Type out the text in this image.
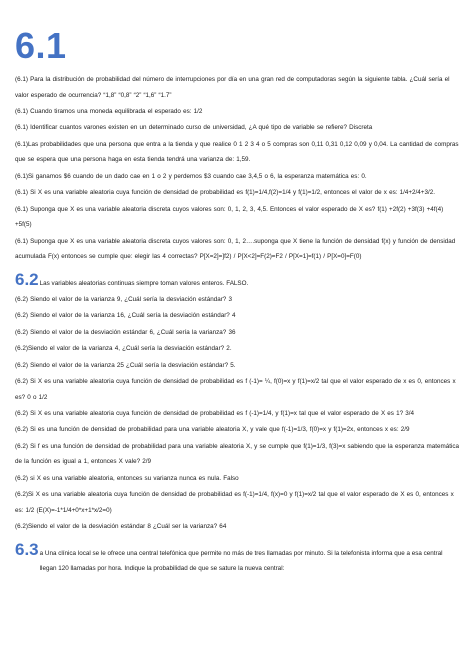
6.1

(6.1) Para la distribución de probabilidad del número de interrupciones por día en una gran red de computadoras según la siguiente tabla. ¿Cuál sería el valor esperado de ocurrencia? “1,8” “0,8” “2” “1,6” “1.7”

(6.1) Cuando tiramos una moneda equilibrada el esperado es: 1/2

(6.1) Identificar cuantos varones existen en un determinado curso de universidad, ¿A qué tipo de variable se refiere? Discreta

(6.1)Las probabilidades que una persona que entra a la tienda y que realice 0 1 2 3 4 o 5 compras son 0,11 0,31 0,12 0,09 y 0,04. La cantidad de compras que se espera que una persona haga en esta tienda tendrá una varianza de: 1,59.

(6.1)Si ganamos $6 cuando de un dado cae en 1 o 2 y perdemos $3 cuando cae 3,4,5 o 6, la esperanza matemática es: 0.

(6.1) Si X es una variable aleatoria cuya función de densidad de probabilidad es f(1)=1/4,f(2)=1/4 y f(1)=1/2, entonces el valor de x es: 1/4+2/4+3/2.

(6.1) Suponga que X es una variable aleatoria discreta cuyos valores son: 0, 1, 2, 3, 4,5. Entonces el valor esperado de X es? f(1) +2f(2) +3f(3) +4f(4) +5f(5)

(6.1) Suponga que X es una variable aleatoria discreta cuyos valores son: 0, 1, 2….suponga que X tiene la función de densidad f(x) y función de densidad acumulada F(x) entonces se cumple que: elegir las 4 correctas? P[X=2]=]f2) / P[X<2]=F(2)=F2 / P[X=1]=f(1) / P[X=0]=F(0)

6.2 Las variables aleatorias continuas siempre toman valores enteros. FALSO.

(6.2) Siendo el valor de la varianza 9, ¿Cuál sería la desviación estándar? 3

(6.2) Siendo el valor de la varianza 16, ¿Cuál sería la desviación estándar? 4

(6.2) Siendo el valor de la desviación estándar 6, ¿Cuál sería la varianza? 36

(6.2)Siendo el valor de la varianza 4, ¿Cuál sería la desviación estándar? 2.

(6.2) Siendo el valor de la varianza 25 ¿Cuál sería la desviación estándar? 5.

(6.2) Si X es una variable aleatoria cuya función de densidad de probabilidad es f (-1)= ¼, f(0)=x y f(1)=x/2 tal que el valor esperado de x es 0, entonces x es? 0 o 1/2

(6.2) Si X es una variable aleatoria cuya función de densidad de probabilidad es f (-1)=1/4, y f(1)=x tal que el valor esperado de X es 1? 3/4

(6.2) Si es una función de densidad de probabilidad para una variable aleatoria X, y vale que f(-1)=1/3, f(0)=x y f(1)=2x, entonces x es: 2/9

(6.2) Si f es una función de densidad de probabilidad para una variable aleatoria X, y se cumple que f(1)=1/3, f(3)=x sabiendo que la esperanza matemática de la función es igual a 1, entonces X vale? 2/9

(6.2) si X es una variable aleatoria, entonces su varianza nunca es nula. Falso

(6.2)Si X es una variable aleatoria cuya función de densidad de probabilidad es f(-1)=1/4, f(x)=0 y f(1)=x/2 tal que el valor esperado de X es 0, entonces x es: 1/2 (E(X)=-1*1/4+0*x+1*x/2=0)

(6.2)Siendo el valor de la desviación estándar 8 ¿Cuál ser la varianza? 64

6.3 a Una clínica local se le ofrece una central telefónica que permite no más de tres llamadas por minuto. Si la telefonista informa que a esa central llegan 120 llamadas por hora. Indique la probabilidad de que se sature la nueva central:
